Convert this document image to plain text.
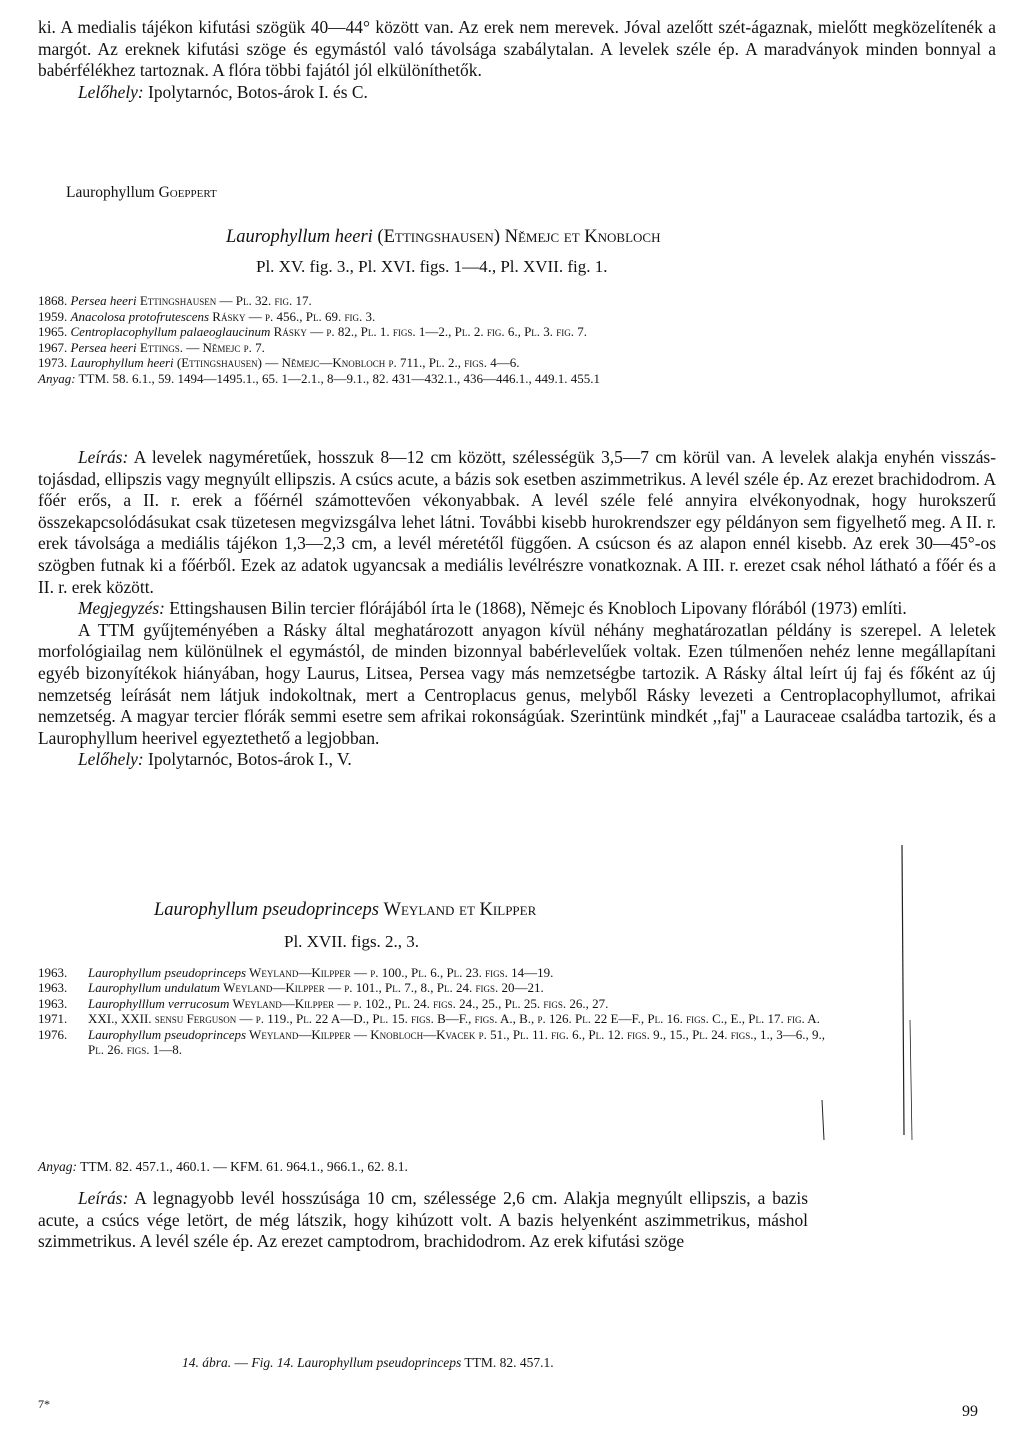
ki. A medialis tájékon kifutási szögük 40—44° között van. Az erek nem merevek. Jóval azelőtt szét-ágaznak, mielőtt megközelítenék a margót. Az ereknek kifutási szöge és egymástól való távolsága szabálytalan. A levelek széle ép. A maradványok minden bonnyal a babérfélékhez tartoznak. A flóra többi fajától jól elkülöníthetők.

Lelőhely: Ipolytarnóc, Botos-árok I. és C.

Laurophyllum Goeppert
Laurophyllum heeri (Ettingshausen) Němejc et Knobloch
Pl. XV. fig. 3., Pl. XVI. figs. 1—4., Pl. XVII. fig. 1.
1868. Persea heeri Ettingshausen — Pl. 32. fig. 17.
1959. Anacolosa protofrutescens Rásky — p. 456., Pl. 69. fig. 3.
1965. Centroplacophyllum palaeoglaucinum Rásky — p. 82., Pl. 1. figs. 1—2., Pl. 2. fig. 6., Pl. 3. fig. 7.
1967. Persea heeri Ettings. — Němejc p. 7.
1973. Laurophyllum heeri (Ettingshausen) — Němejc—Knobloch p. 711., Pl. 2., figs. 4—6.
Anyag: TTM. 58. 6.1., 59. 1494—1495.1., 65. 1—2.1., 8—9.1., 82. 431—432.1., 436—446.1., 449.1. 455.1

Leírás: A levelek nagyméretűek, hosszuk 8—12 cm között, szélességük 3,5—7 cm körül van. A levelek alakja enyhén visszás-tojásdad, ellipszis vagy megnyúlt ellipszis. A csúcs acute, a bázis sok esetben aszimmetrikus. A levél széle ép. Az erezet brachidodrom. A főér erős, a II. r. erek a főérnél számottevően vékonyabbak. A levél széle felé annyira elvékonyodnak, hogy hurokszerű összekapcsolódásukat csak tüzetesen megvizsgálva lehet látni. További kisebb hurokrendszer egy példányon sem figyelhető meg. A II. r. erek távolsága a mediális tájékon 1,3—2,3 cm, a levél méretétől függően. A csúcson és az alapon ennél kisebb. Az erek 30—45°-os szögben futnak ki a főérből. Ezek az adatok ugyancsak a mediális levélrészre vonatkoznak. A III. r. erezet csak néhol látható a főér és a II. r. erek között.

Megjegyzés: Ettingshausen Bilin tercier flórájából írta le (1868), Němejc és Knobloch Lipovany flórából (1973) említi.

A TTM gyűjteményében a Rásky által meghatározott anyagon kívül néhány meghatározatlan példány is szerepel. A leletek morfológiailag nem különülnek el egymástól, de minden bizonnyal babérlevelűek voltak. Ezen túlmenően nehéz lenne megállapítani egyéb bizonyítékok hiányában, hogy Laurus, Litsea, Persea vagy más nemzetségbe tartozik. A Rásky által leírt új faj és főként az új nemzetség leírását nem látjuk indokoltnak, mert a Centroplacus genus, melyből Rásky levezeti a Centroplacophyllumot, afrikai nemzetség. A magyar tercier flórák semmi esetre sem afrikai rokonságúak. Szerintünk mindkét ,,faj'' a Lauraceae családba tartozik, és a Laurophyllum heerivel egyeztethető a legjobban.

Lelőhely: Ipolytarnóc, Botos-árok I., V.

Laurophyllum pseudoprinceps Weyland et Kilpper
Pl. XVII. figs. 2., 3.
1963.	Laurophyllum pseudoprinceps Weyland—Kilpper — p. 100., Pl. 6., Pl. 23. figs. 14—19.
1963.	Laurophyllum undulatum Weyland—Kilpper — p. 101., Pl. 7., 8., Pl. 24. figs. 20—21.
1963.	Laurophylllum verrucosum Weyland—Kilpper — p. 102., Pl. 24. figs. 24., 25., Pl. 25. figs. 26., 27.
1971.	XXI., XXII. sensu Ferguson — p. 119., Pl. 22 A—D., Pl. 15. figs. B—F., figs. A., B., p. 126. Pl. 22 E—F., Pl. 16. figs. C., E., Pl. 17. fig. A.
1976.	Laurophyllum pseudoprinceps Weyland—Kilpper — Knobloch—Kvacek p. 51., Pl. 11. fig. 6., Pl. 12. figs. 9., 15., Pl. 24. figs., 1., 3—6., 9., Pl. 26. figs. 1—8.
Anyag: TTM. 82. 457.1., 460.1. — KFM. 61. 964.1., 966.1., 62. 8.1.

Leírás: A legnagyobb levél hosszúsága 10 cm, szélessége 2,6 cm. Alakja megnyúlt ellipszis, a bazis acute, a csúcs vége letört, de még látszik, hogy kihúzott volt. A bazis helyenként aszimmetrikus, máshol szimmetrikus. A levél széle ép. Az erezet camptodrom, brachidodrom. Az erek kifutási szöge

14. ábra. — Fig. 14. Laurophyllum pseudoprinceps TTM. 82. 457.1.
7*	99
